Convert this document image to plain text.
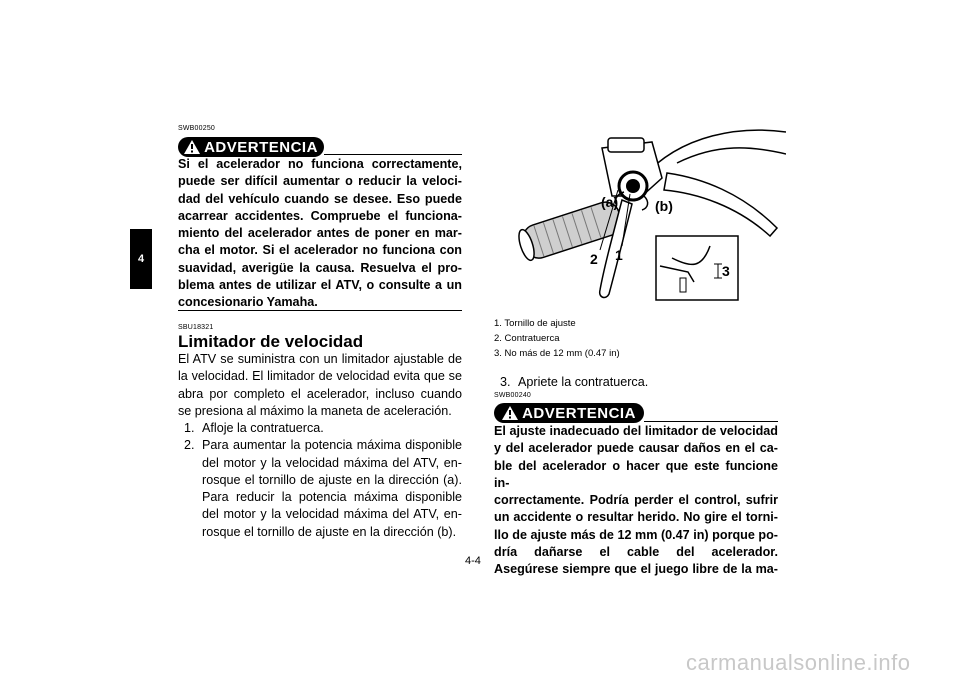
4
SWB00250
ADVERTENCIA
Si el acelerador no funciona correctamente,
puede ser difícil aumentar o reducir la veloci-
dad del vehículo cuando se desee. Eso puede
acarrear accidentes. Compruebe el funciona-
miento del acelerador antes de poner en mar-
cha el motor. Si el acelerador no funciona con
suavidad, averigüe la causa. Resuelva el pro-
blema antes de utilizar el ATV, o consulte a un
concesionario Yamaha.
SBU18321
Limitador de velocidad
El ATV se suministra con un limitador ajustable de
la velocidad. El limitador de velocidad evita que se
abra por completo el acelerador, incluso cuando
se presiona al máximo la maneta de aceleración.
1. Afloje la contratuerca.
2. Para aumentar la potencia máxima disponible
del motor y la velocidad máxima del ATV, en-
rosque el tornillo de ajuste en la dirección (a).
Para reducir la potencia máxima disponible
del motor y la velocidad máxima del ATV, en-
rosque el tornillo de ajuste en la dirección (b).
(a)	(b)
1
2
3
1. Tornillo de ajuste
2. Contratuerca
3. No más de 12 mm (0.47 in)
3. Apriete la contratuerca.
SWB00240
ADVERTENCIA
El ajuste inadecuado del limitador de velocidad
y del acelerador puede causar daños en el ca-
ble del acelerador o hacer que este funcione in-
correctamente. Podría perder el control, sufrir
un accidente o resultar herido. No gire el torni-
llo de ajuste más de 12 mm (0.47 in) porque po-
dría dañarse el cable del acelerador.
Asegúrese siempre que el juego libre de la ma-
4-4
carmanualsonline.info
